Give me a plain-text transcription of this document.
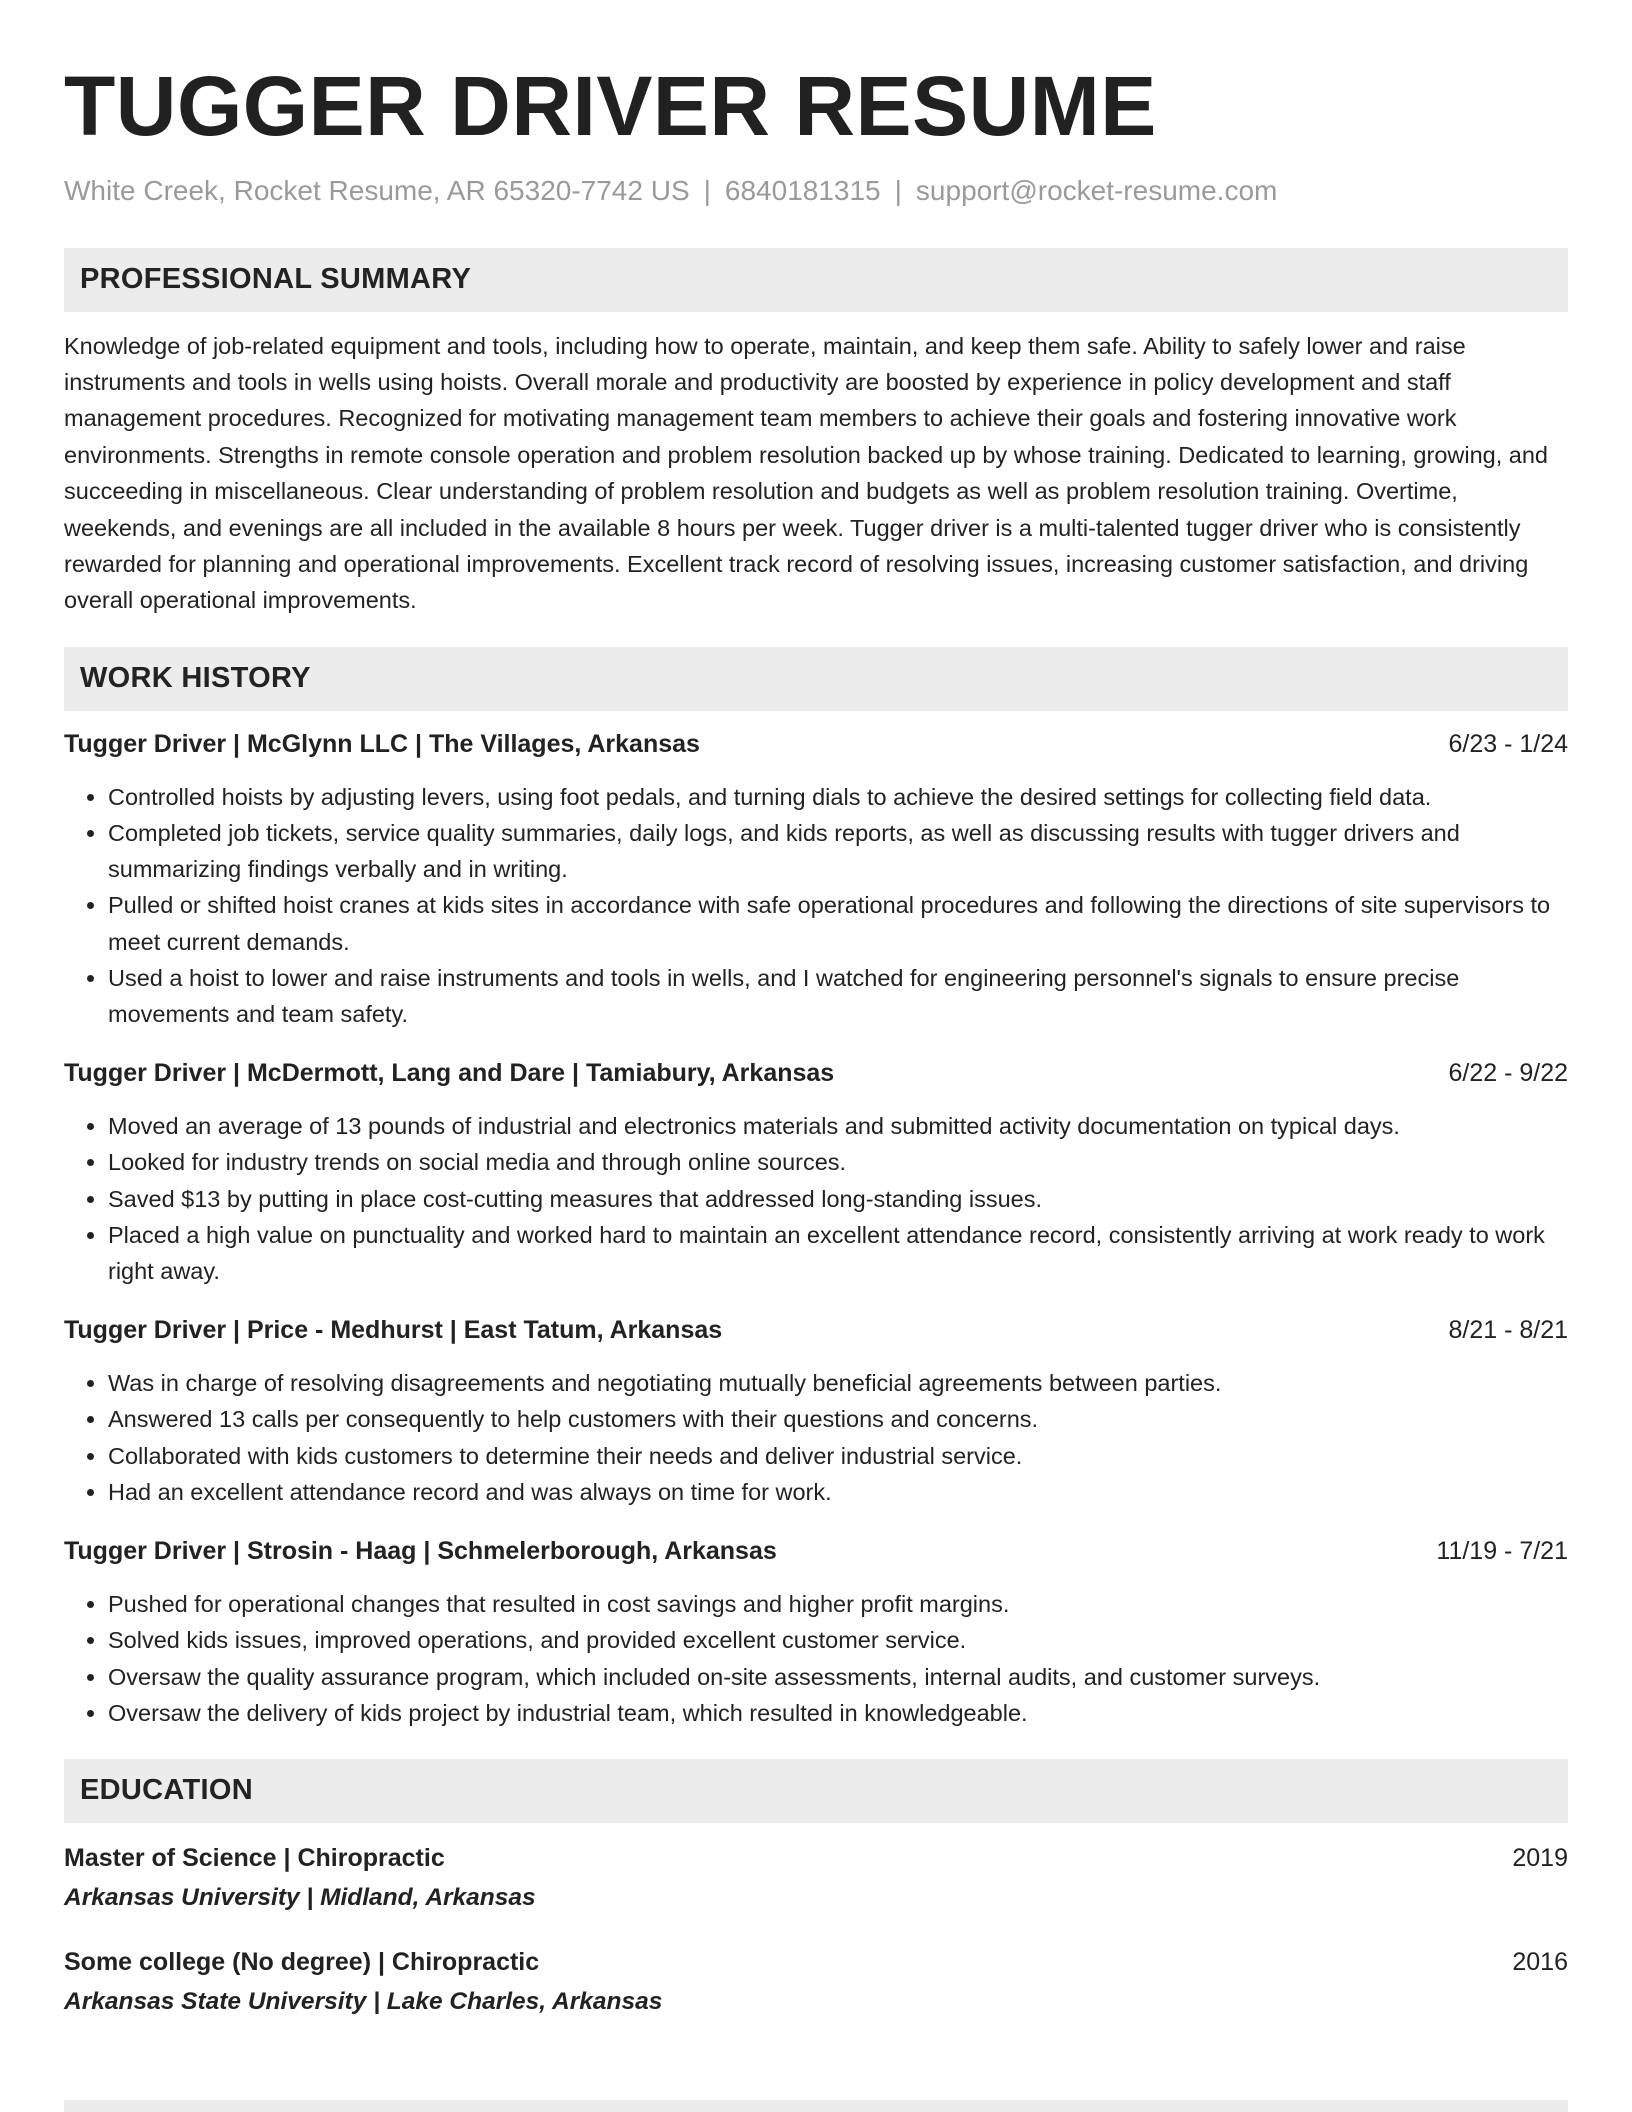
TUGGER DRIVER RESUME
White Creek, Rocket Resume, AR 65320-7742 US | 6840181315 | support@rocket-resume.com
PROFESSIONAL SUMMARY

Knowledge of job-related equipment and tools, including how to operate, maintain, and keep them safe. Ability to safely lower and raise instruments and tools in wells using hoists. Overall morale and productivity are boosted by experience in policy development and staff management procedures. Recognized for motivating management team members to achieve their goals and fostering innovative work environments. Strengths in remote console operation and problem resolution backed up by whose training. Dedicated to learning, growing, and succeeding in miscellaneous. Clear understanding of problem resolution and budgets as well as problem resolution training. Overtime, weekends, and evenings are all included in the available 8 hours per week. Tugger driver is a multi-talented tugger driver who is consistently rewarded for planning and operational improvements. Excellent track record of resolving issues, increasing customer satisfaction, and driving overall operational improvements.

WORK HISTORY
Tugger Driver | McGlynn LLC | The Villages, Arkansas	6/23 - 1/24
• Controlled hoists by adjusting levers, using foot pedals, and turning dials to achieve the desired settings for collecting field data.
• Completed job tickets, service quality summaries, daily logs, and kids reports, as well as discussing results with tugger drivers and summarizing findings verbally and in writing.
• Pulled or shifted hoist cranes at kids sites in accordance with safe operational procedures and following the directions of site supervisors to meet current demands.
• Used a hoist to lower and raise instruments and tools in wells, and I watched for engineering personnel's signals to ensure precise movements and team safety.
Tugger Driver | McDermott, Lang and Dare | Tamiabury, Arkansas	6/22 - 9/22
• Moved an average of 13 pounds of industrial and electronics materials and submitted activity documentation on typical days.
• Looked for industry trends on social media and through online sources.
• Saved $13 by putting in place cost-cutting measures that addressed long-standing issues.
• Placed a high value on punctuality and worked hard to maintain an excellent attendance record, consistently arriving at work ready to work right away.
Tugger Driver | Price - Medhurst | East Tatum, Arkansas	8/21 - 8/21
• Was in charge of resolving disagreements and negotiating mutually beneficial agreements between parties.
• Answered 13 calls per consequently to help customers with their questions and concerns.
• Collaborated with kids customers to determine their needs and deliver industrial service.
• Had an excellent attendance record and was always on time for work.
Tugger Driver | Strosin - Haag | Schmelerborough, Arkansas	11/19 - 7/21
• Pushed for operational changes that resulted in cost savings and higher profit margins.
• Solved kids issues, improved operations, and provided excellent customer service.
• Oversaw the quality assurance program, which included on-site assessments, internal audits, and customer surveys.
• Oversaw the delivery of kids project by industrial team, which resulted in knowledgeable.
EDUCATION
Master of Science | Chiropractic	2019
Arkansas University | Midland, Arkansas
Some college (No degree) | Chiropractic	2016
Arkansas State University | Lake Charles, Arkansas
